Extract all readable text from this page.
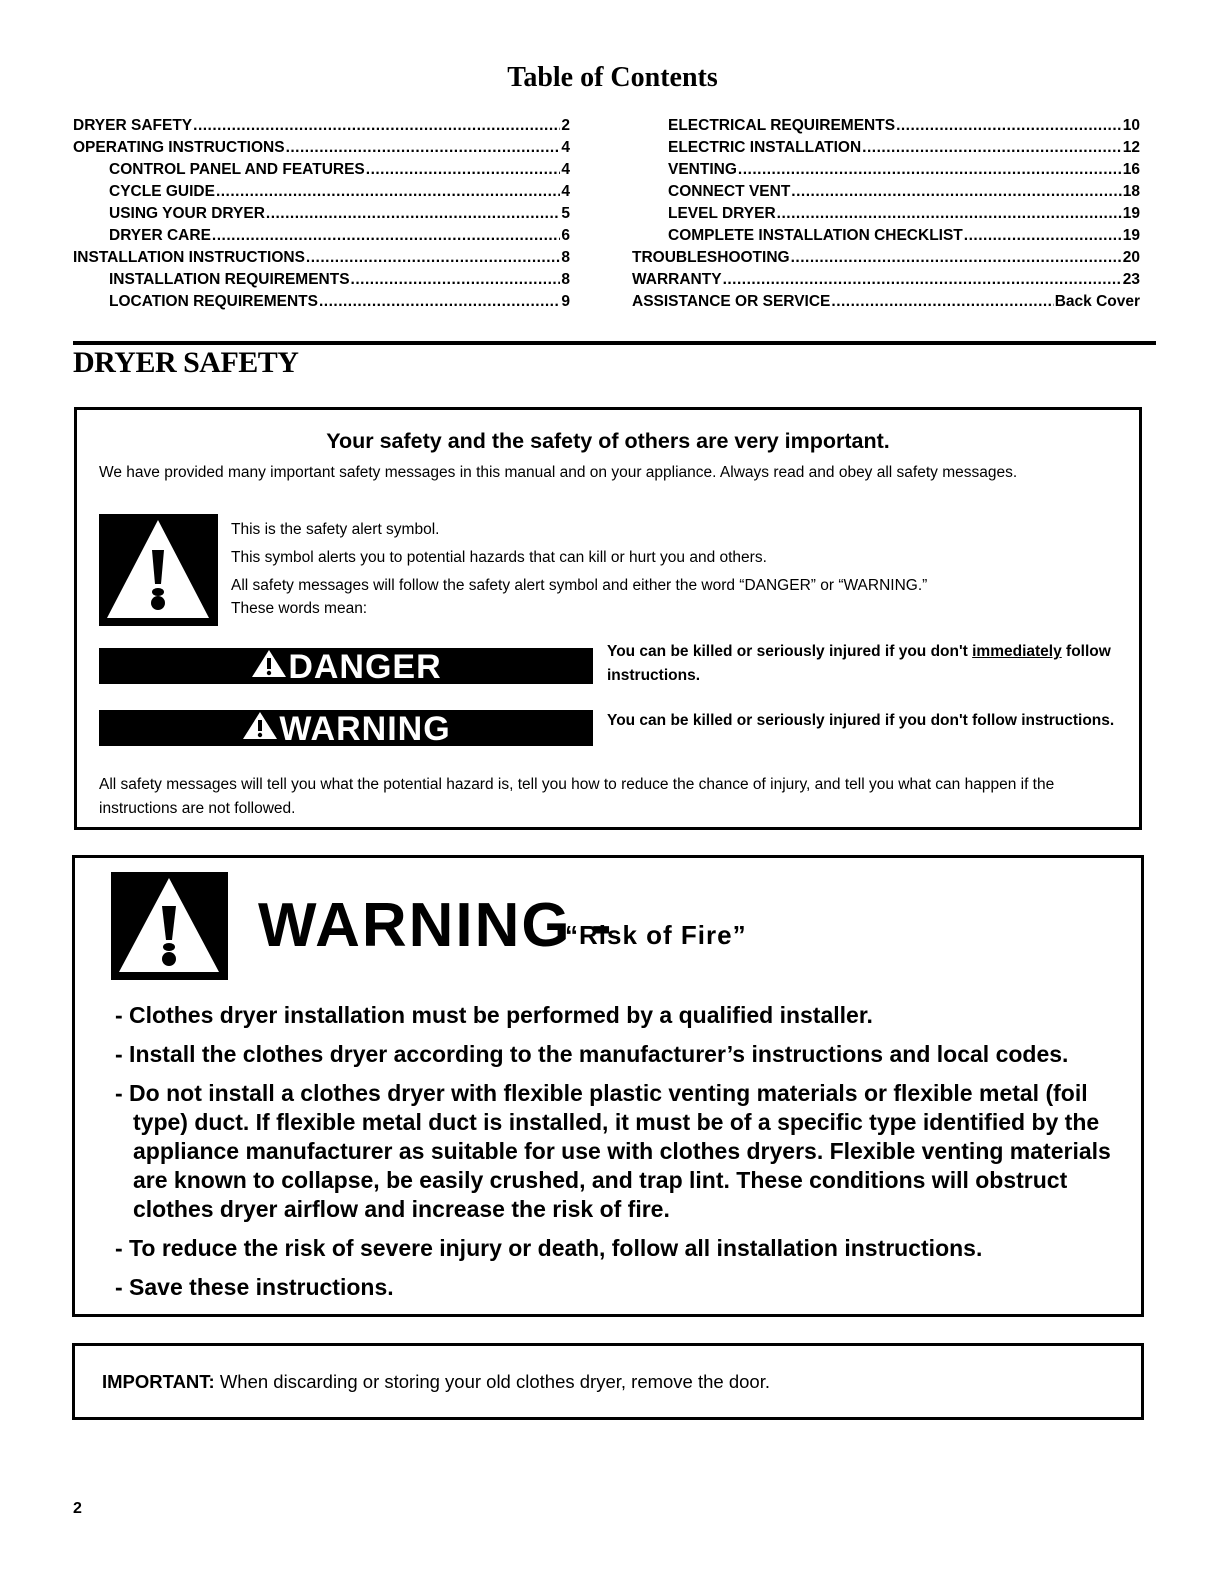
Table of Contents
DRYER SAFETY .....	2
OPERATING INSTRUCTIONS .....	4
CONTROL PANEL AND FEATURES .....	4
CYCLE GUIDE .....	4
USING YOUR DRYER .....	5
DRYER CARE .....	6
INSTALLATION INSTRUCTIONS .....	8
INSTALLATION REQUIREMENTS .....	8
LOCATION REQUIREMENTS .....	9
ELECTRICAL REQUIREMENTS .....	10
ELECTRIC INSTALLATION .....	12
VENTING .....	16
CONNECT VENT .....	18
LEVEL DRYER .....	19
COMPLETE INSTALLATION CHECKLIST .....	19
TROUBLESHOOTING .....	20
WARRANTY .....	23
ASSISTANCE OR SERVICE .....	Back Cover
DRYER SAFETY
Your safety and the safety of others are very important.
We have provided many important safety messages in this manual and on your appliance. Always read and obey all safety messages.
This is the safety alert symbol.
This symbol alerts you to potential hazards that can kill or hurt you and others.
All safety messages will follow the safety alert symbol and either the word “DANGER” or “WARNING.”
These words mean:
DANGER	You can be killed or seriously injured if you don't immediately follow instructions.
WARNING	You can be killed or seriously injured if you don't follow instructions.
All safety messages will tell you what the potential hazard is, tell you how to reduce the chance of injury, and tell you what can happen if the instructions are not followed.
WARNING -
“Risk of Fire”
- Clothes dryer installation must be performed by a qualified installer.
- Install the clothes dryer according to the manufacturer’s instructions and local codes.
- Do not install a clothes dryer with flexible plastic venting materials or flexible metal (foil type) duct. If flexible metal duct is installed, it must be of a specific type identified by the appliance manufacturer as suitable for use with clothes dryers. Flexible venting materials are known to collapse, be easily crushed, and trap lint. These conditions will obstruct clothes dryer airflow and increase the risk of fire.
- To reduce the risk of severe injury or death, follow all installation instructions.
- Save these instructions.
IMPORTANT: When discarding or storing your old clothes dryer, remove the door.
2
